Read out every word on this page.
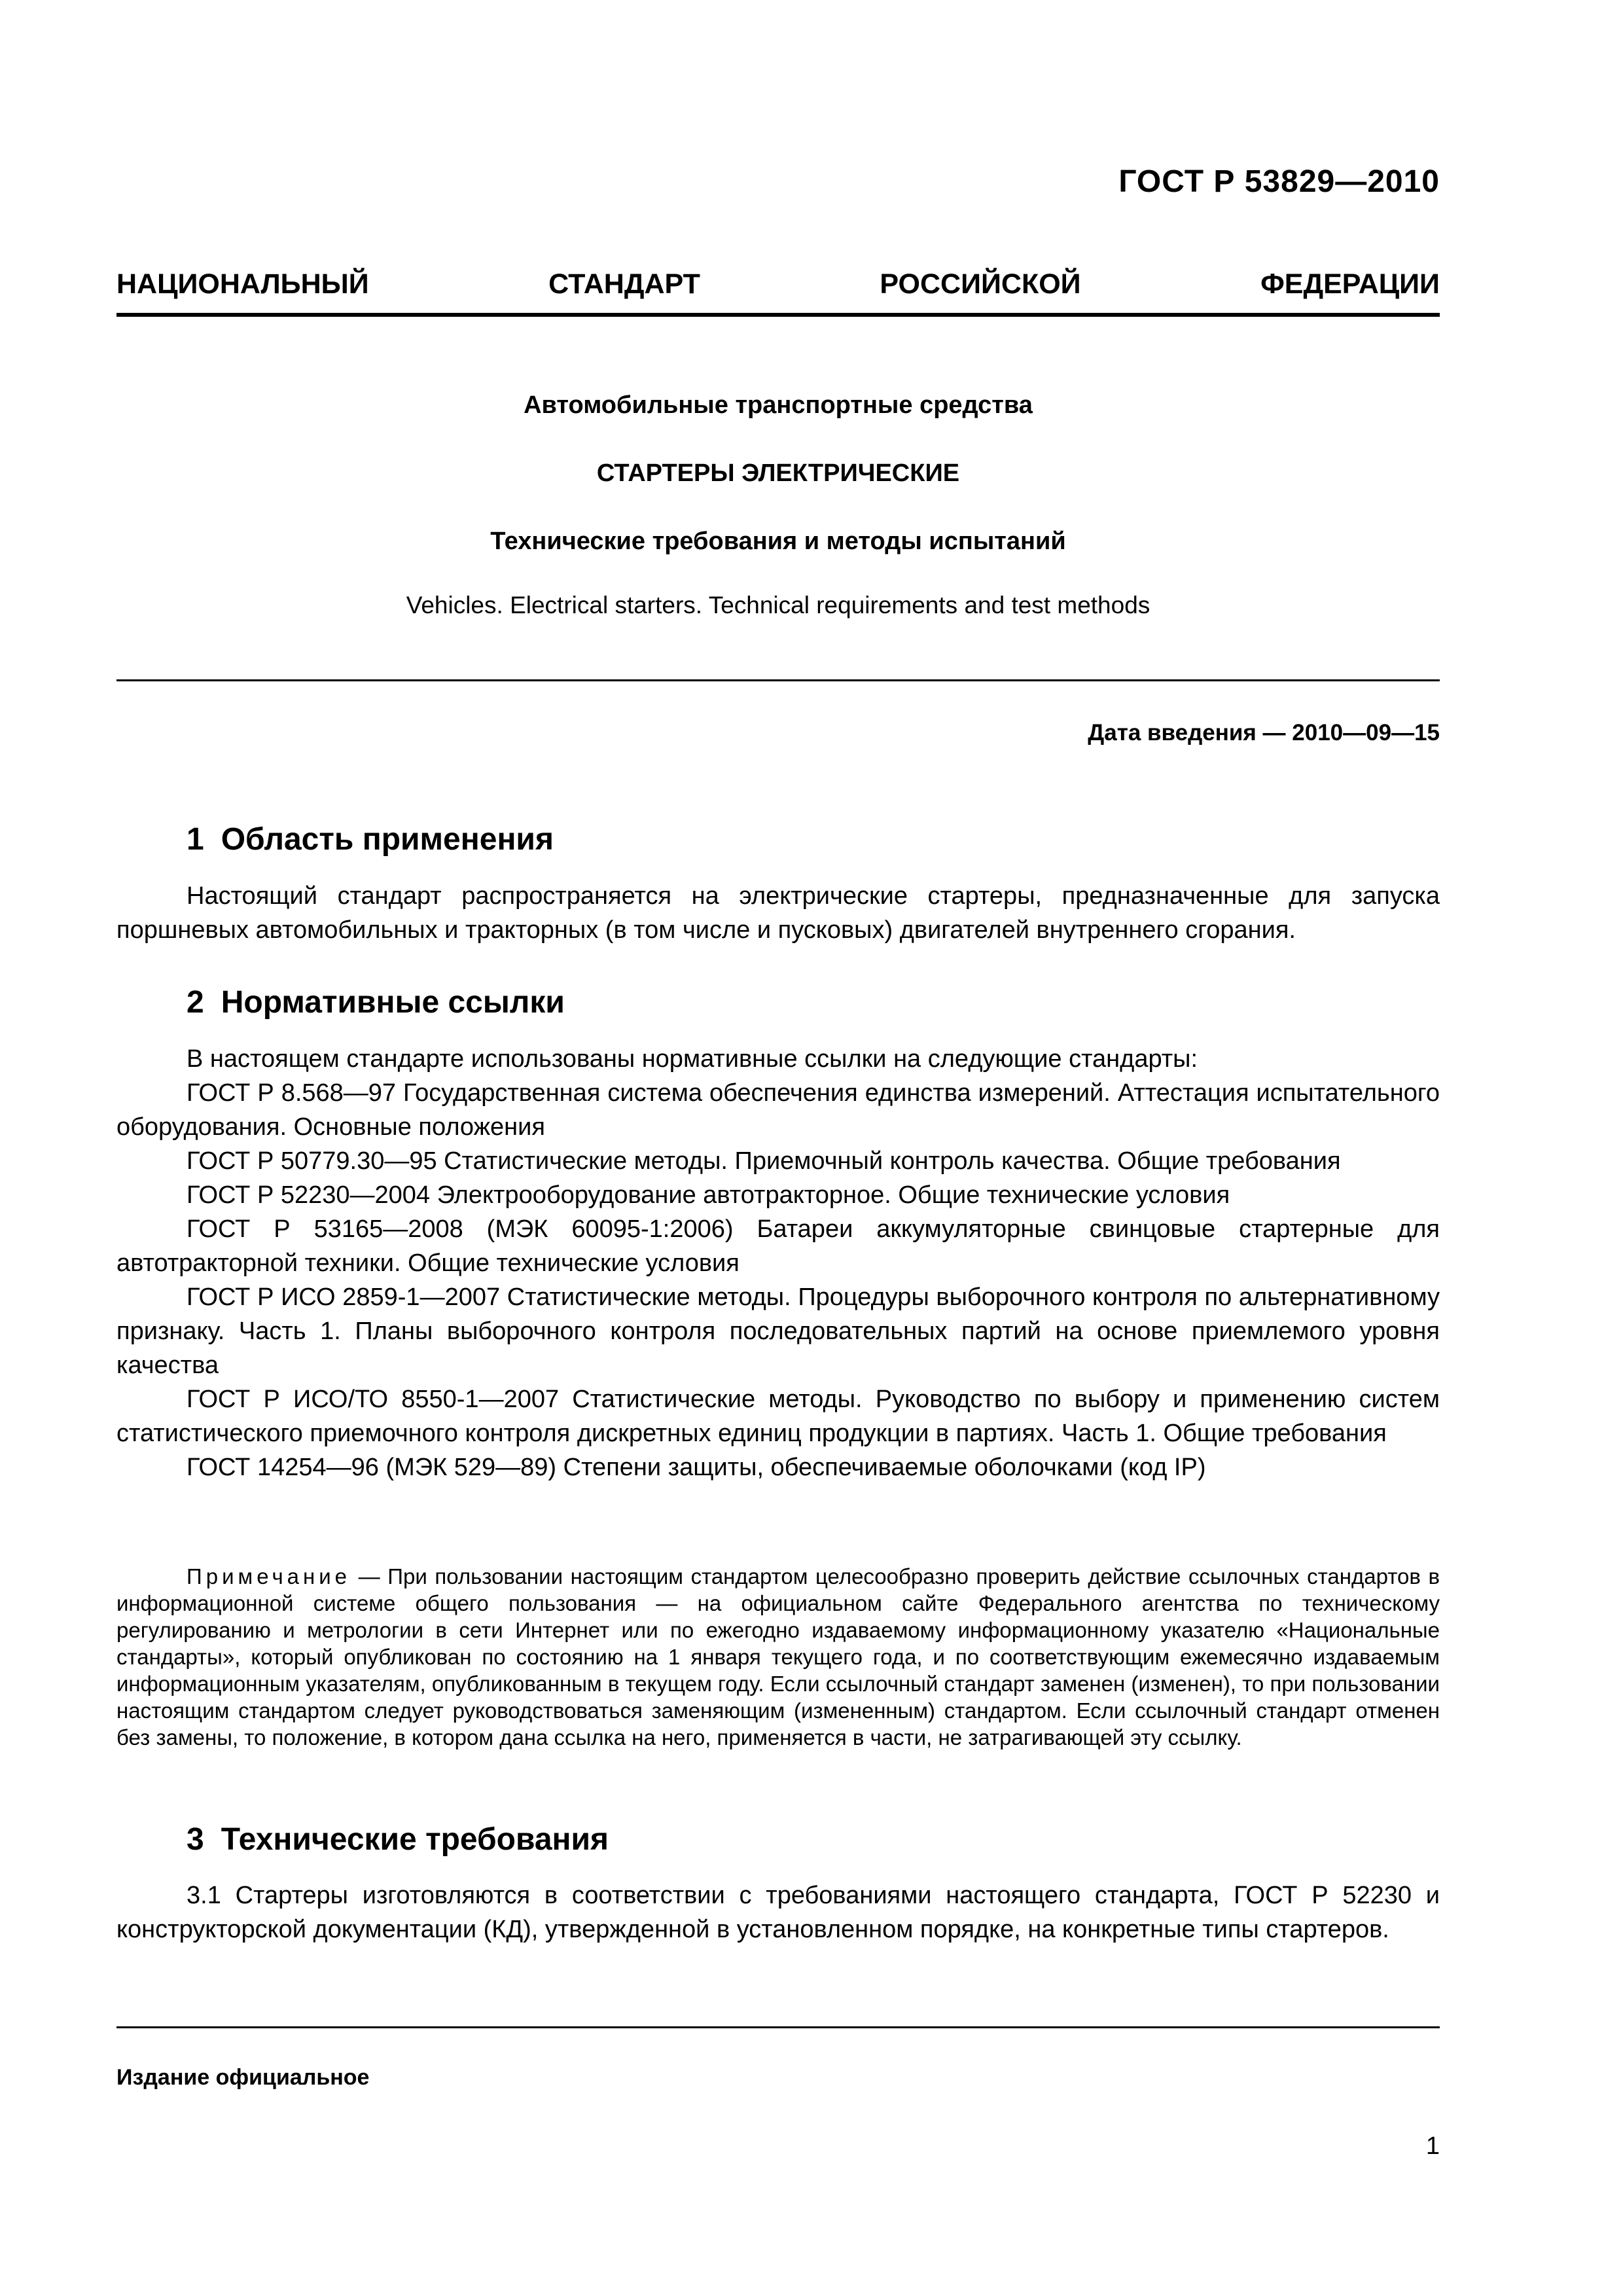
ГОСТ Р 53829—2010
НАЦИОНАЛЬНЫЙ	СТАНДАРТ	РОССИЙСКОЙ	ФЕДЕРАЦИИ
Автомобильные транспортные средства
СТАРТЕРЫ ЭЛЕКТРИЧЕСКИЕ
Технические требования и методы испытаний
Vehicles. Electrical starters. Technical requirements and test methods
Дата введения — 2010—09—15
1 Область применения

Настоящий стандарт распространяется на электрические стартеры, предназначенные для запуска поршневых автомобильных и тракторных (в том числе и пусковых) двигателей внутреннего сгорания.

2 Нормативные ссылки

В настоящем стандарте использованы нормативные ссылки на следующие стандарты:

ГОСТ Р 8.568—97 Государственная система обеспечения единства измерений. Аттестация испытательного оборудования. Основные положения

ГОСТ Р 50779.30—95 Статистические методы. Приемочный контроль качества. Общие требования

ГОСТ Р 52230—2004 Электрооборудование автотракторное. Общие технические условия

ГОСТ Р 53165—2008 (МЭК 60095-1:2006) Батареи аккумуляторные свинцовые стартерные для автотракторной техники. Общие технические условия

ГОСТ Р ИСО 2859-1—2007 Статистические методы. Процедуры выборочного контроля по альтернативному признаку. Часть 1. Планы выборочного контроля последовательных партий на основе приемлемого уровня качества

ГОСТ Р ИСО/ТО 8550-1—2007 Статистические методы. Руководство по выбору и применению систем статистического приемочного контроля дискретных единиц продукции в партиях. Часть 1. Общие требования

ГОСТ 14254—96 (МЭК 529—89) Степени защиты, обеспечиваемые оболочками (код IP)

Примечание — При пользовании настоящим стандартом целесообразно проверить действие ссылочных стандартов в информационной системе общего пользования — на официальном сайте Федерального агентства по техническому регулированию и метрологии в сети Интернет или по ежегодно издаваемому информационному указателю «Национальные стандарты», который опубликован по состоянию на 1 января текущего года, и по соответствующим ежемесячно издаваемым информационным указателям, опубликованным в текущем году. Если ссылочный стандарт заменен (изменен), то при пользовании настоящим стандартом следует руководствоваться заменяющим (измененным) стандартом. Если ссылочный стандарт отменен без замены, то положение, в котором дана ссылка на него, применяется в части, не затрагивающей эту ссылку.

3 Технические требования

3.1 Стартеры изготовляются в соответствии с требованиями настоящего стандарта, ГОСТ Р 52230 и конструкторской документации (КД), утвержденной в установленном порядке, на конкретные типы стартеров.

Издание официальное
1
